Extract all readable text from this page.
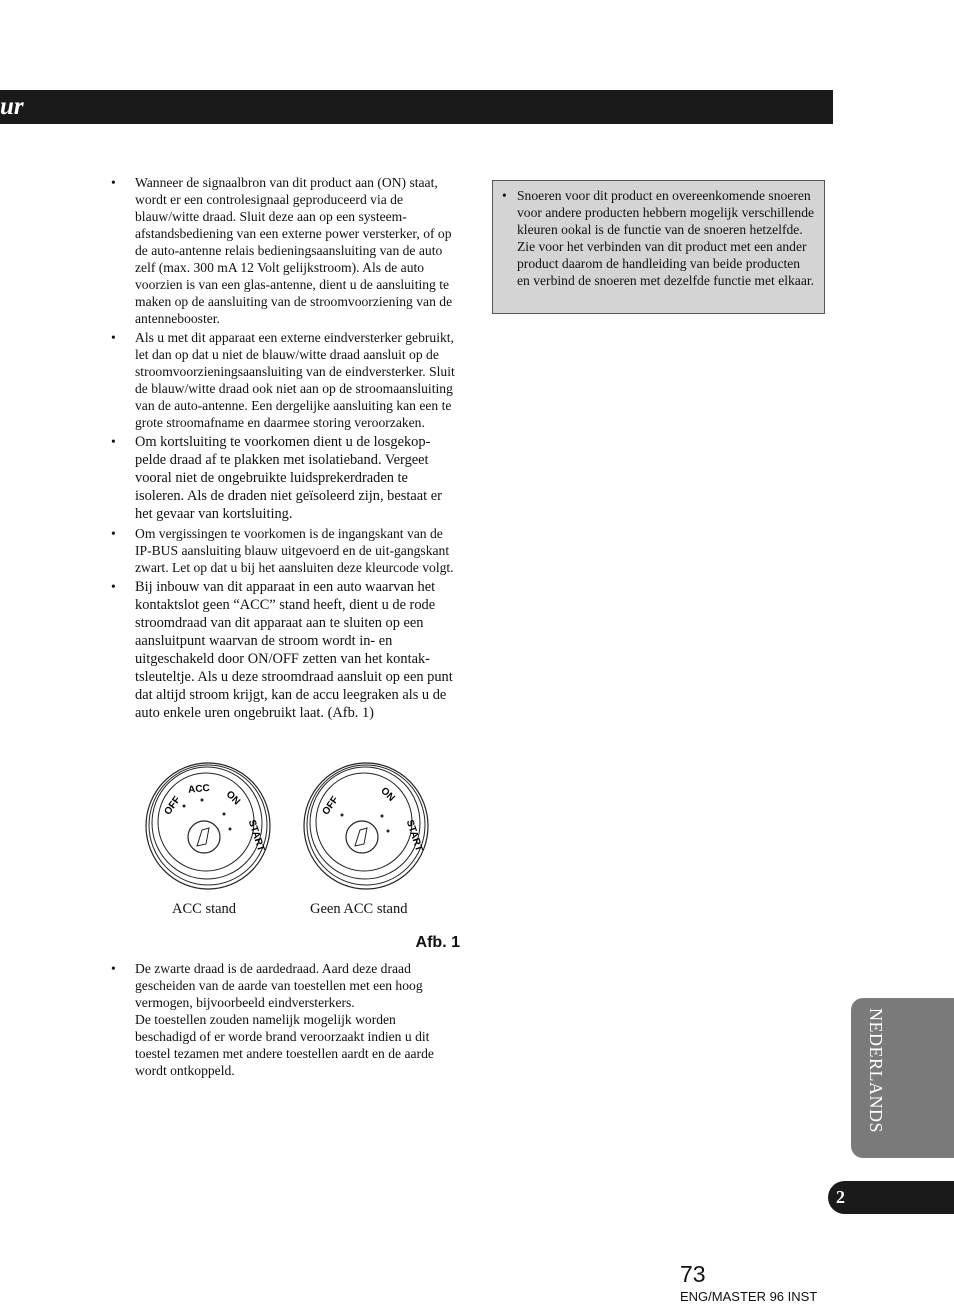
ur
• Wanneer de signaalbron van dit product aan (ON) staat, wordt er een controlesignaal geproduceerd via de blauw/witte draad. Sluit deze aan op een systeem-afstandsbediening van een externe power versterker, of op de auto-antenne relais bedieningsaansluiting van de auto zelf (max. 300 mA 12 Volt gelijkstroom). Als de auto voorzien is van een glas-antenne, dient u de aansluiting te maken op de aansluiting van de stroomvoorziening van de antennebooster.
• Als u met dit apparaat een externe eindversterker gebruikt, let dan op dat u niet de blauw/witte draad aansluit op de stroomvoorzieningsaansluiting van de eindversterker. Sluit de blauw/witte draad ook niet aan op de stroomaansluiting van de auto-antenne. Een dergelijke aansluiting kan een te grote stroomafname en daarmee storing veroorzaken.
• Om kortsluiting te voorkomen dient u de losgekop-pelde draad af te plakken met isolatieband. Vergeet vooral niet de ongebruikte luidsprekerdraden te isoleren. Als de draden niet geïsoleerd zijn, bestaat er het gevaar van kortsluiting.
• Om vergissingen te voorkomen is de ingangskant van de IP-BUS aansluiting blauw uitgevoerd en de uit-gangskant zwart. Let op dat u bij het aansluiten deze kleurcode volgt.
• Bij inbouw van dit apparaat in een auto waarvan het kontaktslot geen “ACC” stand heeft, dient u de rode stroomdraad van dit apparaat aan te sluiten op een aansluitpunt waarvan de stroom wordt in- en uitgeschakeld door ON/OFF zetten van het kontak-tsleuteltje. Als u deze stroomdraad aansluit op een punt dat altijd stroom krijgt, kan de accu leegraken als u de auto enkele uren ongebruikt laat. (Afb. 1)
• Snoeren voor dit product en overeenkomende snoeren voor andere producten hebbern mogelijk verschillende kleuren ookal is de functie van de snoeren hetzelfde. Zie voor het verbinden van dit product met een ander product daarom de handleiding van beide producten en verbind de snoeren met dezelfde functie met elkaar.
OFF
ACC ON
START
OFF	ON
START
ACC stand	Geen ACC stand
Afb. 1
• De zwarte draad is de aardedraad. Aard deze draad gescheiden van de aarde van toestellen met een hoog vermogen, bijvoorbeeld eindversterkers.
De toestellen zouden namelijk mogelijk worden beschadigd of er worde brand veroorzaakt indien u dit toestel tezamen met andere toestellen aardt en de aarde wordt ontkoppeld.	NEDERLANDS
2
73
ENG/MASTER 96 INST
